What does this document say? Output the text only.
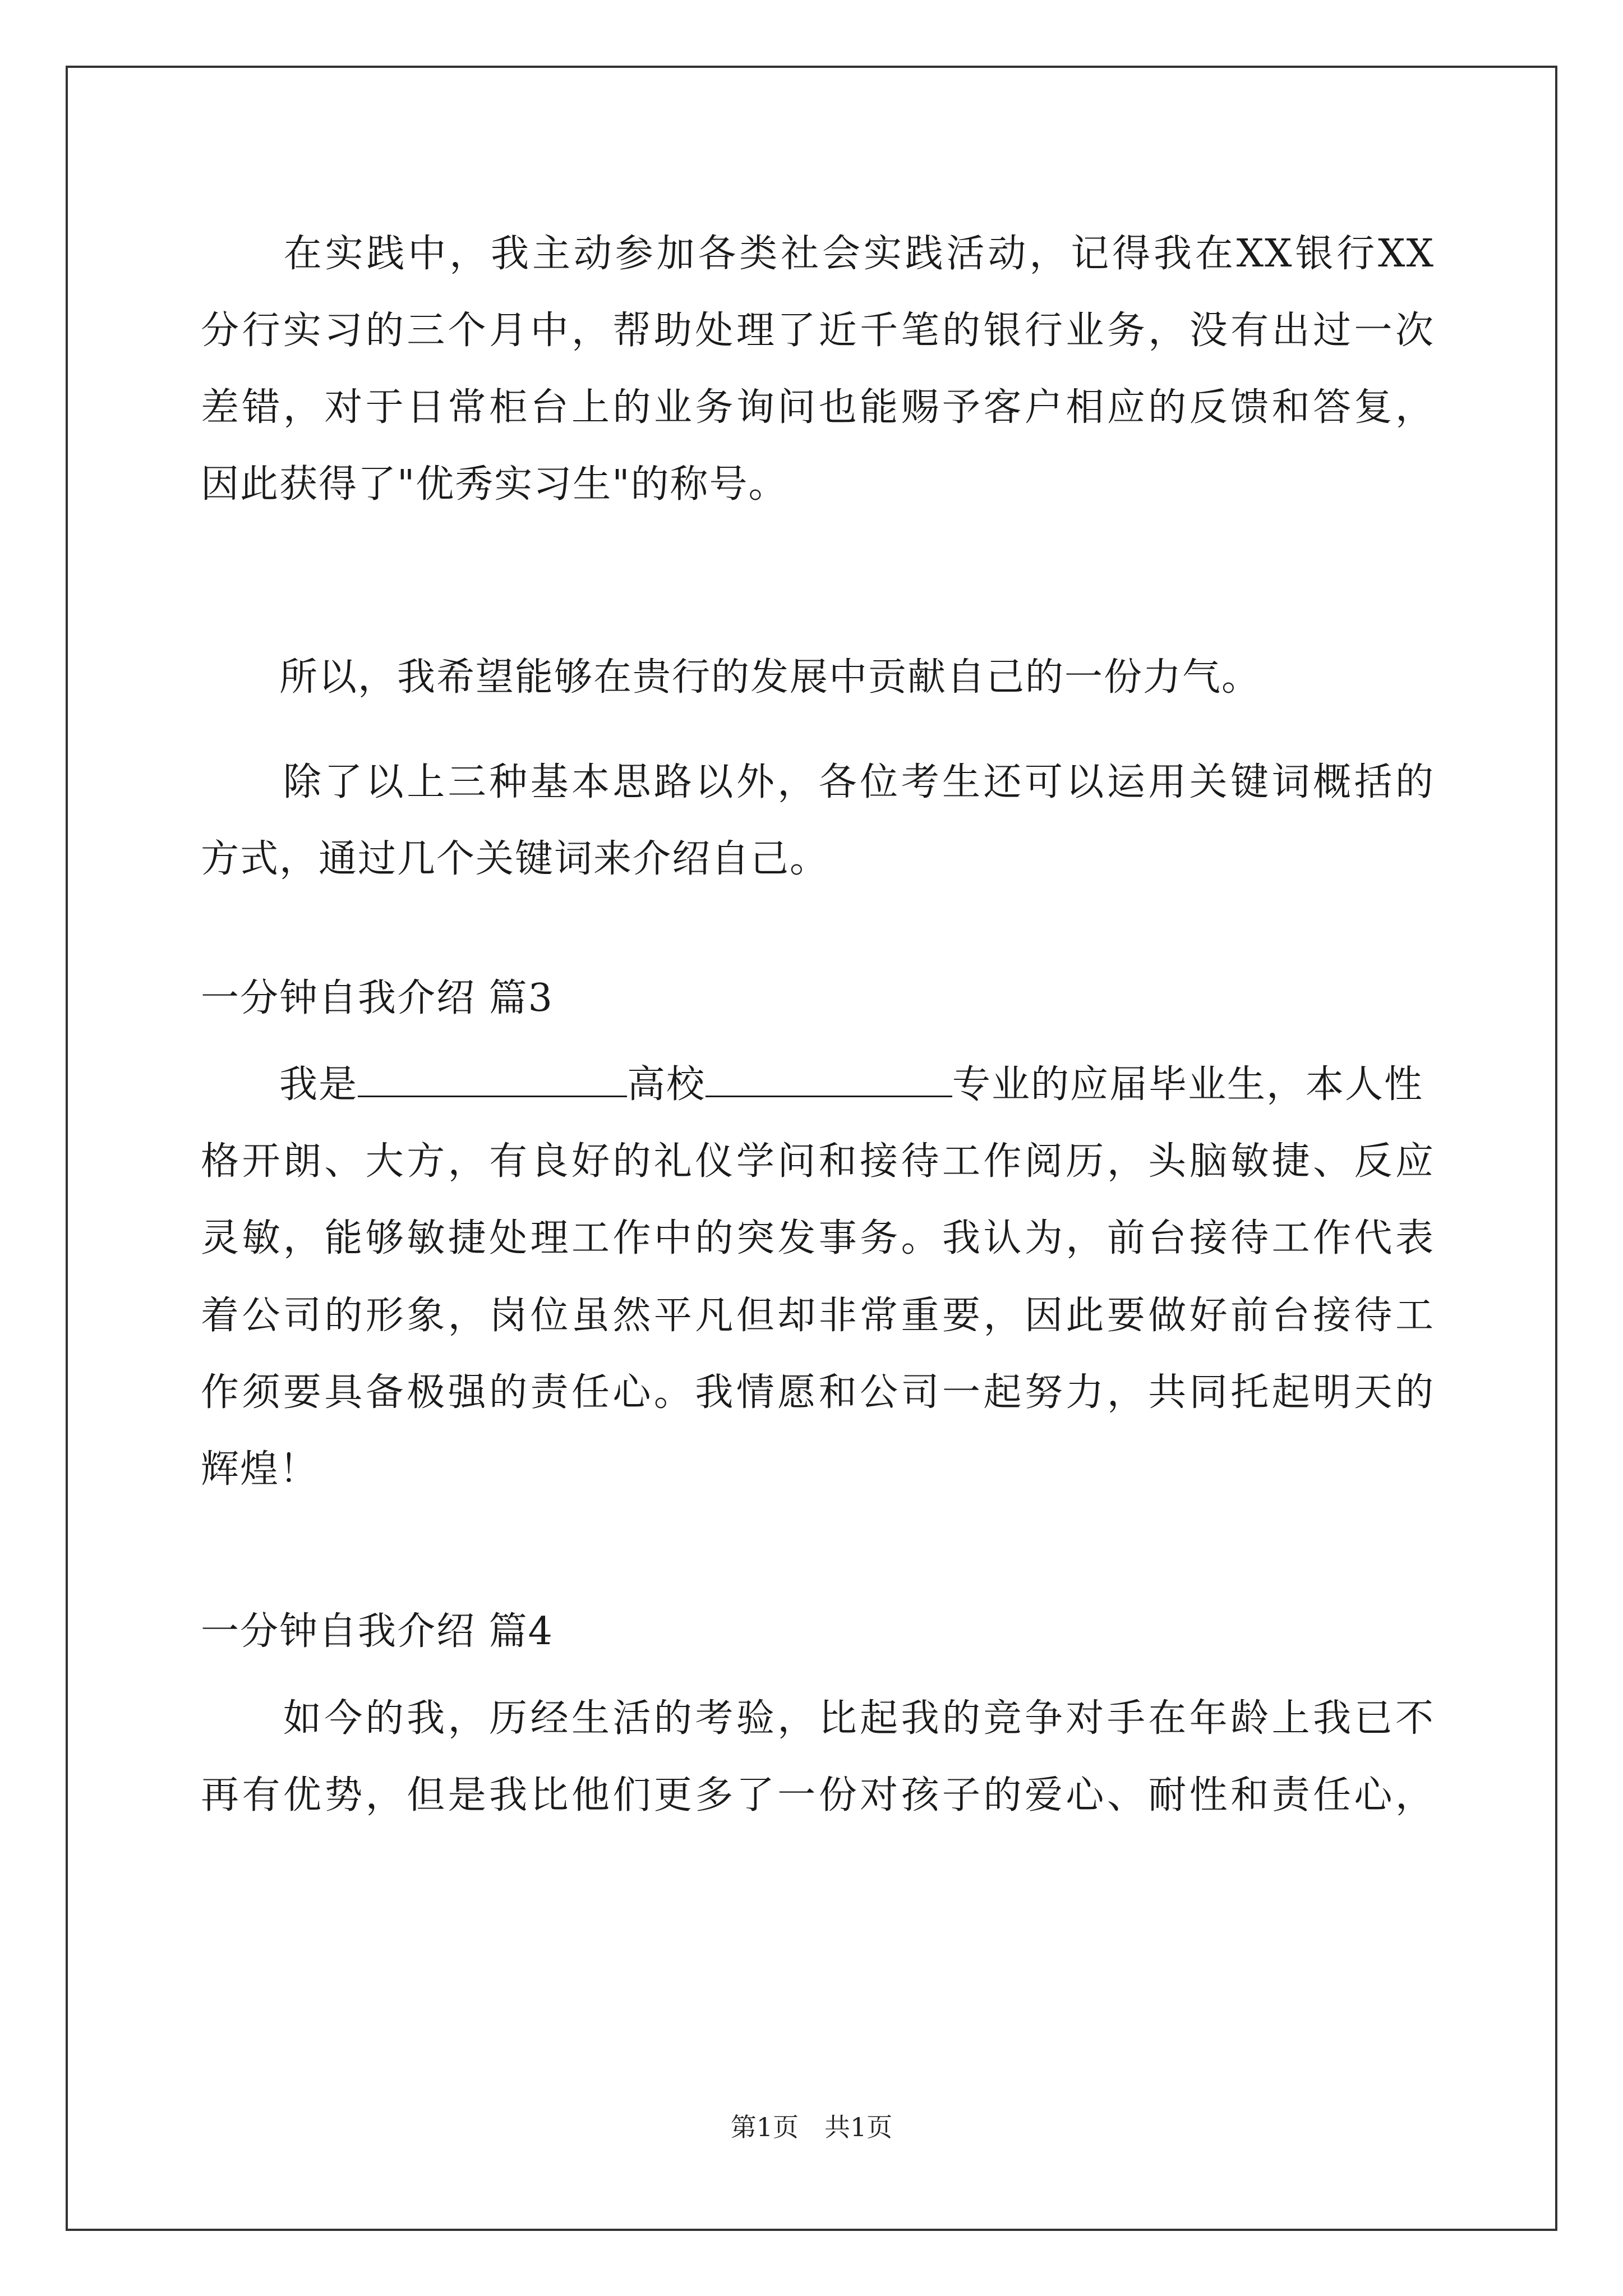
　　在实践中，我主动参加各类社会实践活动，记得我在XX银行XX
分行实习的三个月中，帮助处理了近千笔的银行业务，没有出过一次
差错，对于日常柜台上的业务询问也能赐予客户相应的反馈和答复，
因此获得了"优秀实习生"的称号。
　　所以，我希望能够在贵行的发展中贡献自己的一份力气。
　　除了以上三种基本思路以外，各位考生还可以运用关键词概括的
方式，通过几个关键词来介绍自己。
一分钟自我介绍 篇3
　　我是	高校	专业的应届毕业生，本人性
格开朗、大方，有良好的礼仪学问和接待工作阅历，头脑敏捷、反应
灵敏，能够敏捷处理工作中的突发事务。我认为，前台接待工作代表
着公司的形象，岗位虽然平凡但却非常重要，因此要做好前台接待工
作须要具备极强的责任心。我情愿和公司一起努力，共同托起明天的
辉煌！
一分钟自我介绍 篇4
　　如今的我，历经生活的考验，比起我的竞争对手在年龄上我已不
再有优势，但是我比他们更多了一份对孩子的爱心、耐性和责任心，
第1页　共1页
